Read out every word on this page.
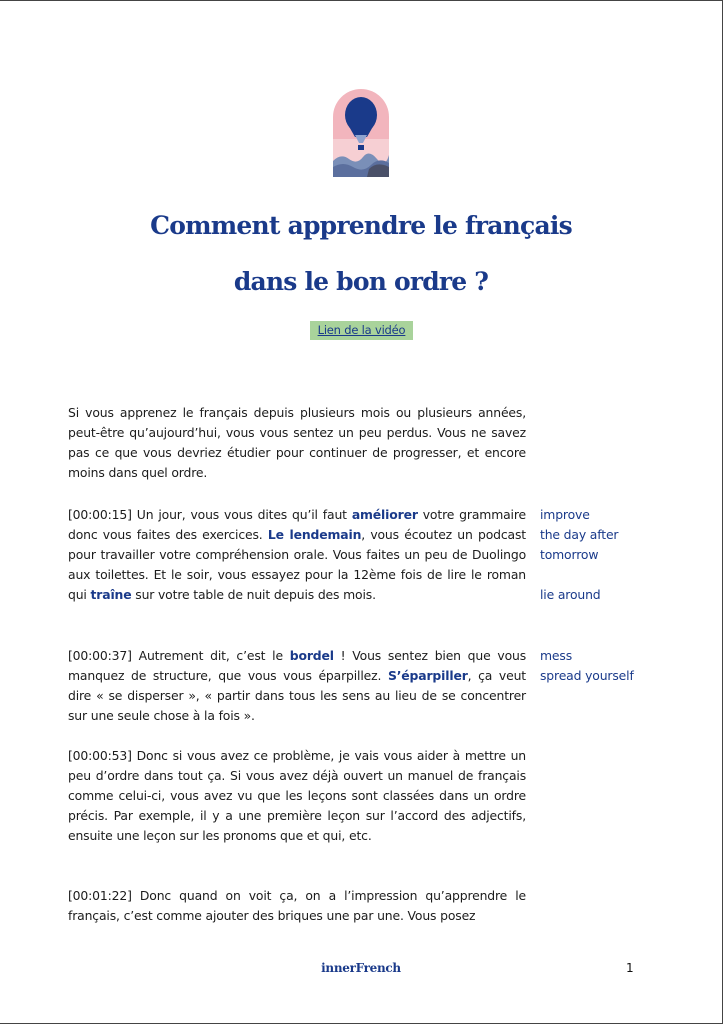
Comment apprendre le français
dans le bon ordre ?
Lien de la vidéo
Si vous apprenez le français depuis plusieurs mois ou plusieurs années, peut-être qu’aujourd’hui, vous vous sentez un peu perdus. Vous ne savez pas ce que vous devriez étudier pour continuer de progresser, et encore moins dans quel ordre.
[00:00:15] Un jour, vous vous dites qu’il faut améliorer votre grammaire donc vous faites des exercices. Le lendemain, vous écoutez un podcast pour travailler votre compréhension orale. Vous faites un peu de Duolingo aux toilettes. Et le soir, vous essayez pour la 12ème fois de lire le roman qui traîne sur votre table de nuit depuis des mois.
[00:00:37] Autrement dit, c’est le bordel ! Vous sentez bien que vous manquez de structure, que vous vous éparpillez. S’éparpiller, ça veut dire « se disperser », « partir dans tous les sens au lieu de se concentrer sur une seule chose à la fois ».
[00:00:53] Donc si vous avez ce problème, je vais vous aider à mettre un peu d’ordre dans tout ça. Si vous avez déjà ouvert un manuel de français comme celui-ci, vous avez vu que les leçons sont classées dans un ordre précis. Par exemple, il y a une première leçon sur l’accord des adjectifs, ensuite une leçon sur les pronoms que et qui, etc.
[00:01:22] Donc quand on voit ça, on a l’impression qu’apprendre le français, c’est comme ajouter des briques une par une. Vous posez
improve
the day after
tomorrow
lie around
mess
spread yourself
innerFrench	1
